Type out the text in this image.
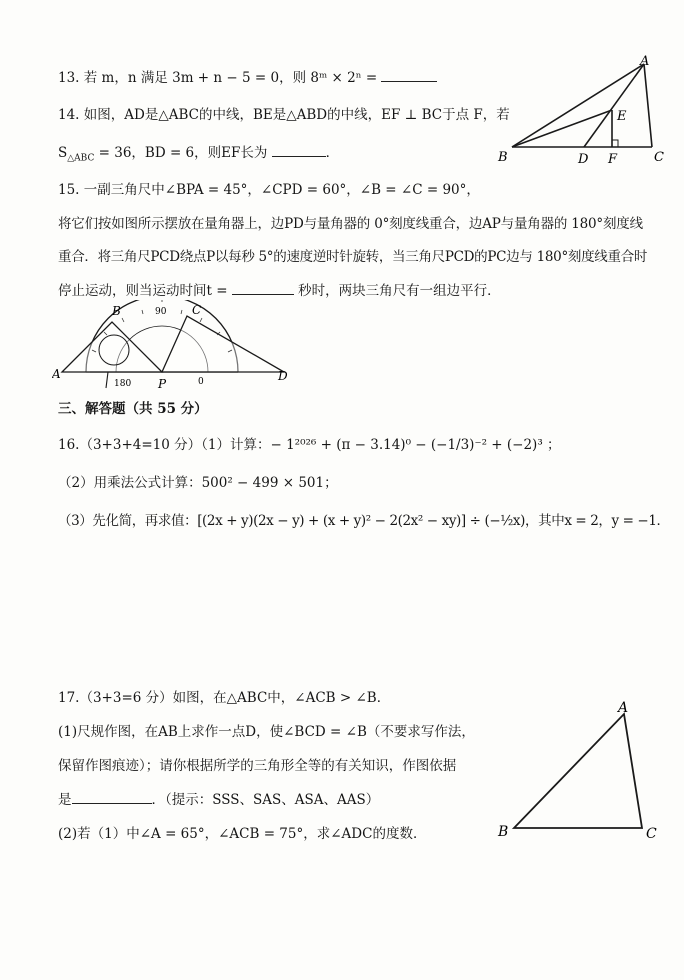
13. 若 m，n 满足 3m + n − 5 = 0，则 8ᵐ × 2ⁿ =
14. 如图，AD是△ABC的中线，BE是△ABD的中线，EF ⊥ BC于点 F，若
$S_{\triangle ABC} = 36$，BD = 6，则EF长为	．
A
B	C
D
E
F
15. 一副三角尺中∠BPA = 45°，∠CPD = 60°，∠B = ∠C = 90°，
将它们按如图所示摆放在量角器上，边PD与量角器的 0°刻度线重合，边AP与量角器的 180°刻度线
重合．将三角尺PCD绕点P以每秒 5°的速度逆时针旋转，当三角尺PCD的PC边与 180°刻度线重合时
停止运动，则当运动时间t =	秒时，两块三角尺有一组边平行．
A
B	C
D
P
90
180	0
三、解答题（共 55 分）
16.（3+3+4=10 分）（1）计算：− 1²⁰²⁶ + (π − 3.14)⁰ − (−1/3)⁻² + (−2)³ ；
（2）用乘法公式计算：500² − 499 × 501；
（3）先化简，再求值：[(2x + y)(2x − y) + (x + y)² − 2(2x² − xy)] ÷ (−½x)，其中x = 2，y = −1．
17.（3+3=6 分）如图，在△ABC中，∠ACB > ∠B．
(1)尺规作图，在AB上求作一点D，使∠BCD = ∠B（不要求写作法，
保留作图痕迹）；请你根据所学的三角形全等的有关知识，作图依据
是	．（提示：SSS、SAS、ASA、AAS）
(2)若（1）中∠A = 65°，∠ACB = 75°，求∠ADC的度数．
A
B	C
